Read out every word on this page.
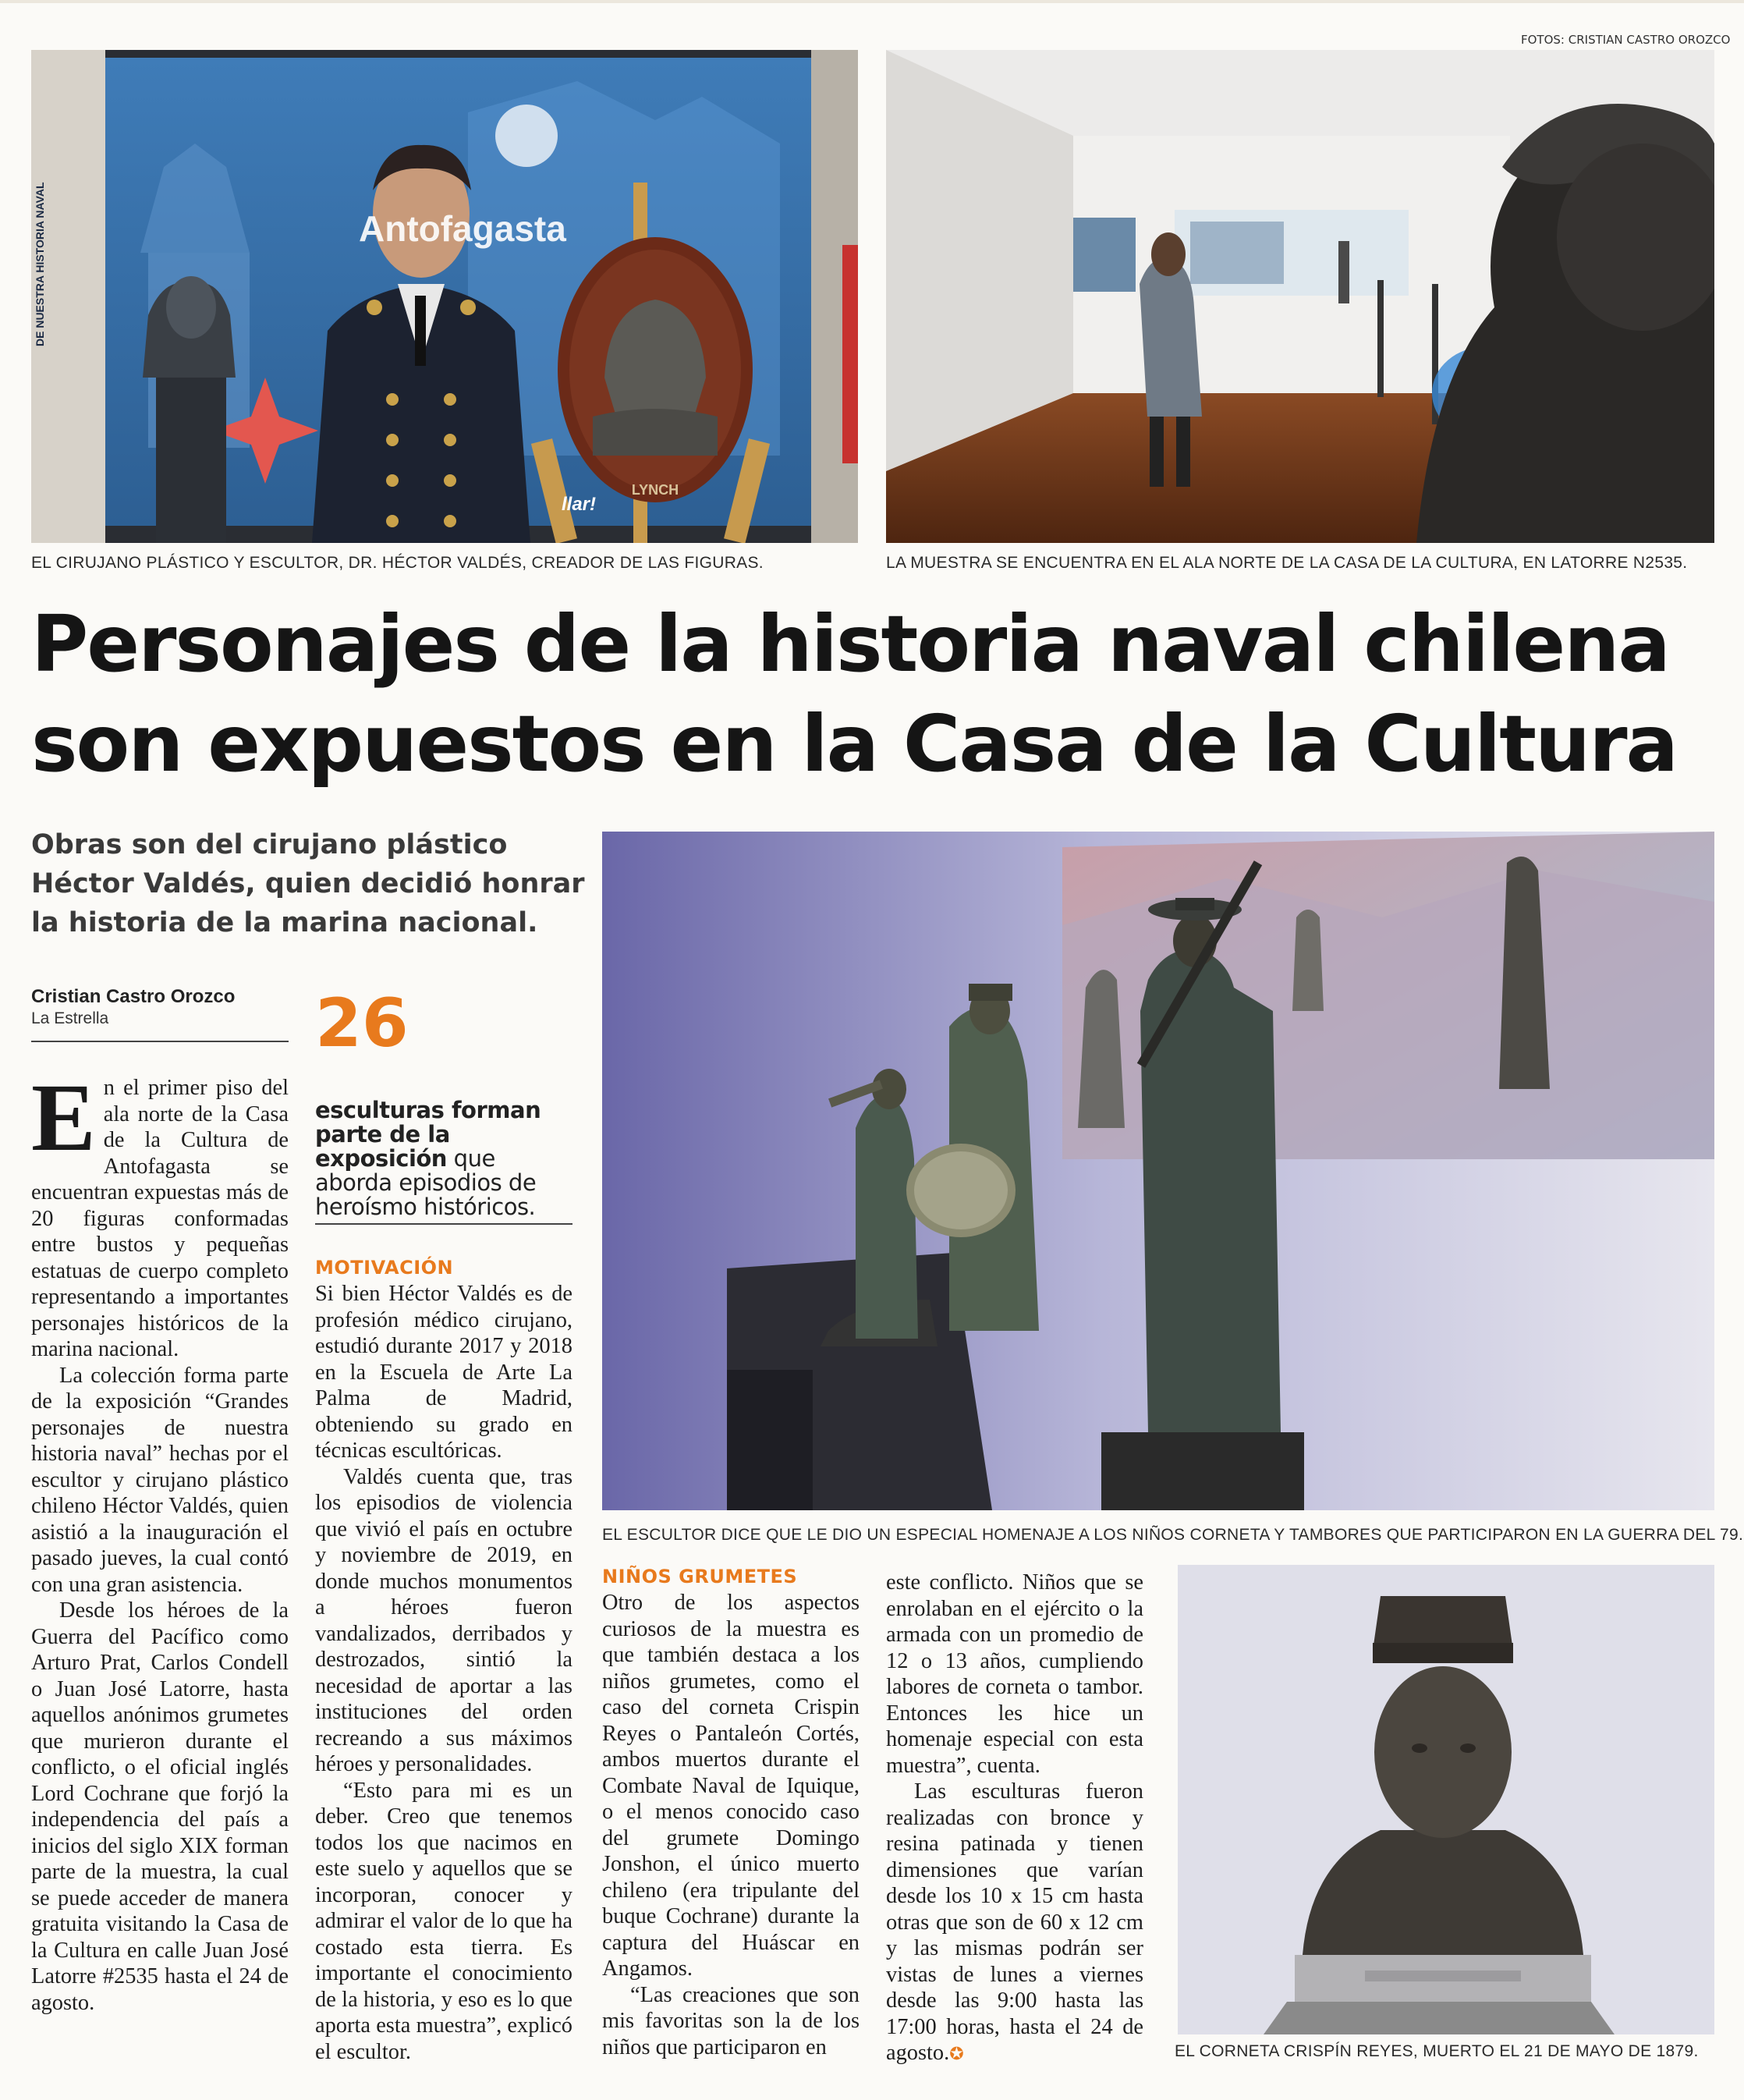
FOTOS: CRISTIAN CASTRO OROZCO
Antofagasta
LYNCH
llar!
DE NUESTRA HISTORIA NAVAL
EL CIRUJANO PLÁSTICO Y ESCULTOR, DR. HÉCTOR VALDÉS, CREADOR DE LAS FIGURAS.	LA MUESTRA SE ENCUENTRA EN EL ALA NORTE DE LA CASA DE LA CULTURA, EN LATORRE N2535.
Personajes de la historia naval chilena
son expuestos en la Casa de la Cultura
Obras son del cirujano plástico Héctor Valdés, quien decidió honrar la historia de la marina nacional.
Cristian Castro Orozco
La Estrella	26
esculturas forman parte de la exposición que aborda episodios de heroísmo históricos.

En el primer piso del ala norte de la Casa de la Cultura de Antofagasta se encuentran expuestas más de 20 figuras conformadas entre bustos y pequeñas estatuas de cuerpo completo representando a importantes personajes históricos de la marina nacional.

La colección forma parte de la exposición “Grandes personajes de nuestra historia naval” hechas por el escultor y cirujano plástico chileno Héctor Valdés, quien asistió a la inauguración el pasado jueves, la cual contó con una gran asistencia.

Desde los héroes de la Guerra del Pacífico como Arturo Prat, Carlos Condell o Juan José Latorre, hasta aquellos anónimos grumetes que murieron durante el conflicto, o el oficial inglés Lord Cochrane que forjó la independencia del país a inicios del siglo XIX forman parte de la muestra, la cual se puede acceder de manera gratuita visitando la Casa de la Cultura en calle Juan José Latorre #2535 hasta el 24 de agosto.

MOTIVACIÓN

Si bien Héctor Valdés es de profesión médico cirujano, estudió durante 2017 y 2018 en la Escuela de Arte La Palma de Madrid, obteniendo su grado en técnicas escultóricas.

Valdés cuenta que, tras los episodios de violencia que vivió el país en octubre y noviembre de 2019, en donde muchos monumentos a héroes fueron vandalizados, derribados y destrozados, sintió la necesidad de aportar a las instituciones del orden recreando a sus máximos héroes y personalidades.

“Esto para mi es un deber. Creo que tenemos todos los que nacimos en este suelo y aquellos que se incorporan, conocer y admirar el valor de lo que ha costado esta tierra. Es importante el conocimiento de la historia, y eso es lo que aporta esta muestra”, explicó el escultor.

EL ESCULTOR DICE QUE LE DIO UN ESPECIAL HOMENAJE A LOS NIÑOS CORNETA Y TAMBORES QUE PARTICIPARON EN LA GUERRA DEL 79.
NIÑOS GRUMETES

Otro de los aspectos curiosos de la muestra es que también destaca a los niños grumetes, como el caso del corneta Crispin Reyes o Pantaleón Cortés, ambos muertos durante el Combate Naval de Iquique, o el menos conocido caso del grumete Domingo Jonshon, el único muerto chileno (era tripulante del buque Cochrane) durante la captura del Huáscar en Angamos.

“Las creaciones que son mis favoritas son la de los niños que participaron en

este conflicto. Niños que se enrolaban en el ejército o la armada con un promedio de 12 o 13 años, cumpliendo labores de corneta o tambor. Entonces les hice un homenaje especial con esta muestra”, cuenta.

Las esculturas fueron realizadas con bronce y resina patinada y tienen dimensiones que varían desde los 10 x 15 cm hasta otras que son de 60 x 12 cm y las mismas podrán ser vistas de lunes a viernes desde las 9:00 hasta las 17:00 horas, hasta el 24 de agosto.✪	EL CORNETA CRISPÍN REYES, MUERTO EL 21 DE MAYO DE 1879.
